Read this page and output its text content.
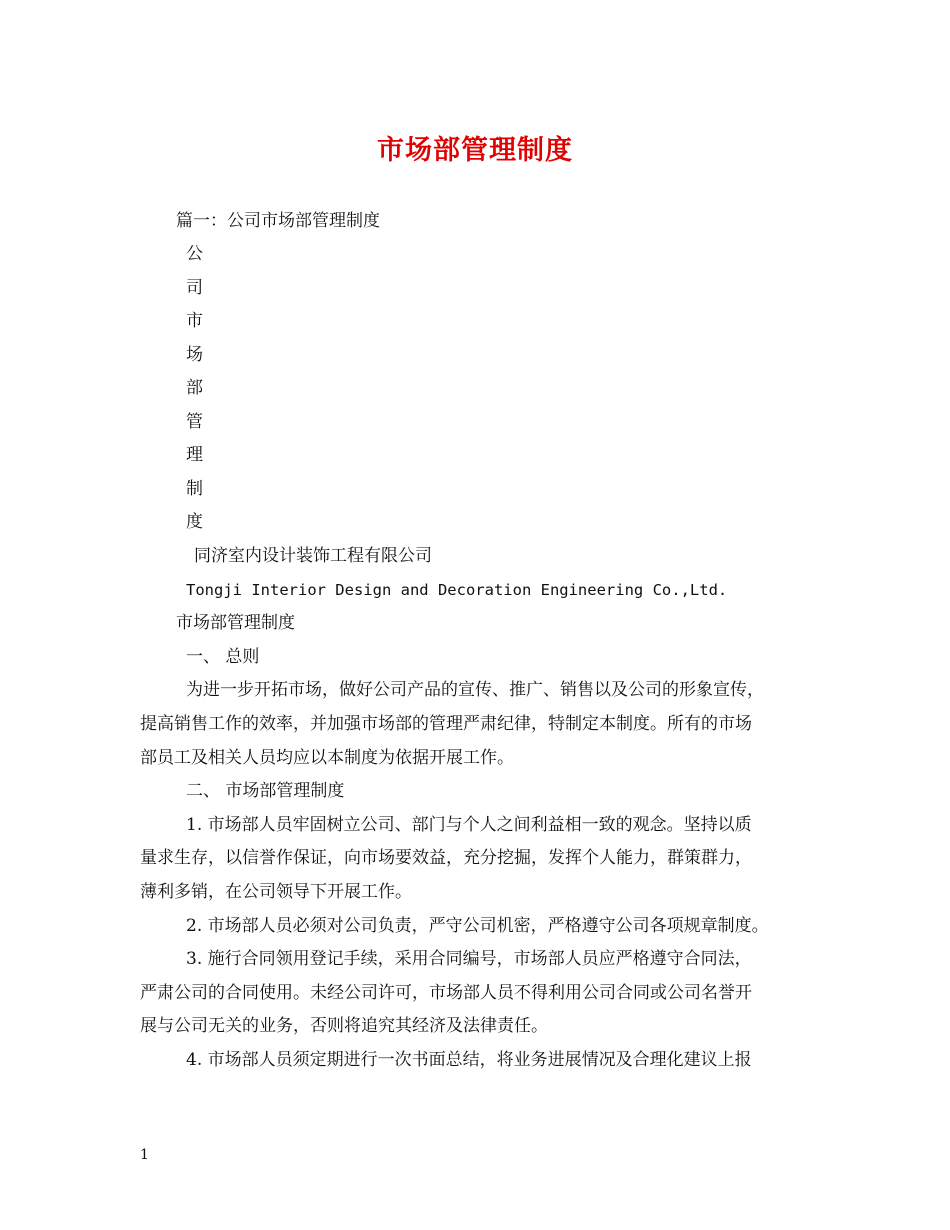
市场部管理制度
篇一：公司市场部管理制度
公
司
市
场
部
管
理
制
度
同济室内设计装饰工程有限公司
Tongji Interior Design and Decoration Engineering Co.,Ltd.
市场部管理制度
一、 总则
为进一步开拓市场，做好公司产品的宣传、推广、销售以及公司的形象宣传，
提高销售工作的效率，并加强市场部的管理严肃纪律，特制定本制度。所有的市场
部员工及相关人员均应以本制度为依据开展工作。
二、 市场部管理制度
1. 市场部人员牢固树立公司、部门与个人之间利益相一致的观念。坚持以质
量求生存，以信誉作保证，向市场要效益，充分挖掘，发挥个人能力，群策群力，
薄利多销，在公司领导下开展工作。
2. 市场部人员必须对公司负责，严守公司机密，严格遵守公司各项规章制度。
3. 施行合同领用登记手续，采用合同编号，市场部人员应严格遵守合同法，
严肃公司的合同使用。未经公司许可，市场部人员不得利用公司合同或公司名誉开
展与公司无关的业务，否则将追究其经济及法律责任。
4. 市场部人员须定期进行一次书面总结，将业务进展情况及合理化建议上报
1
